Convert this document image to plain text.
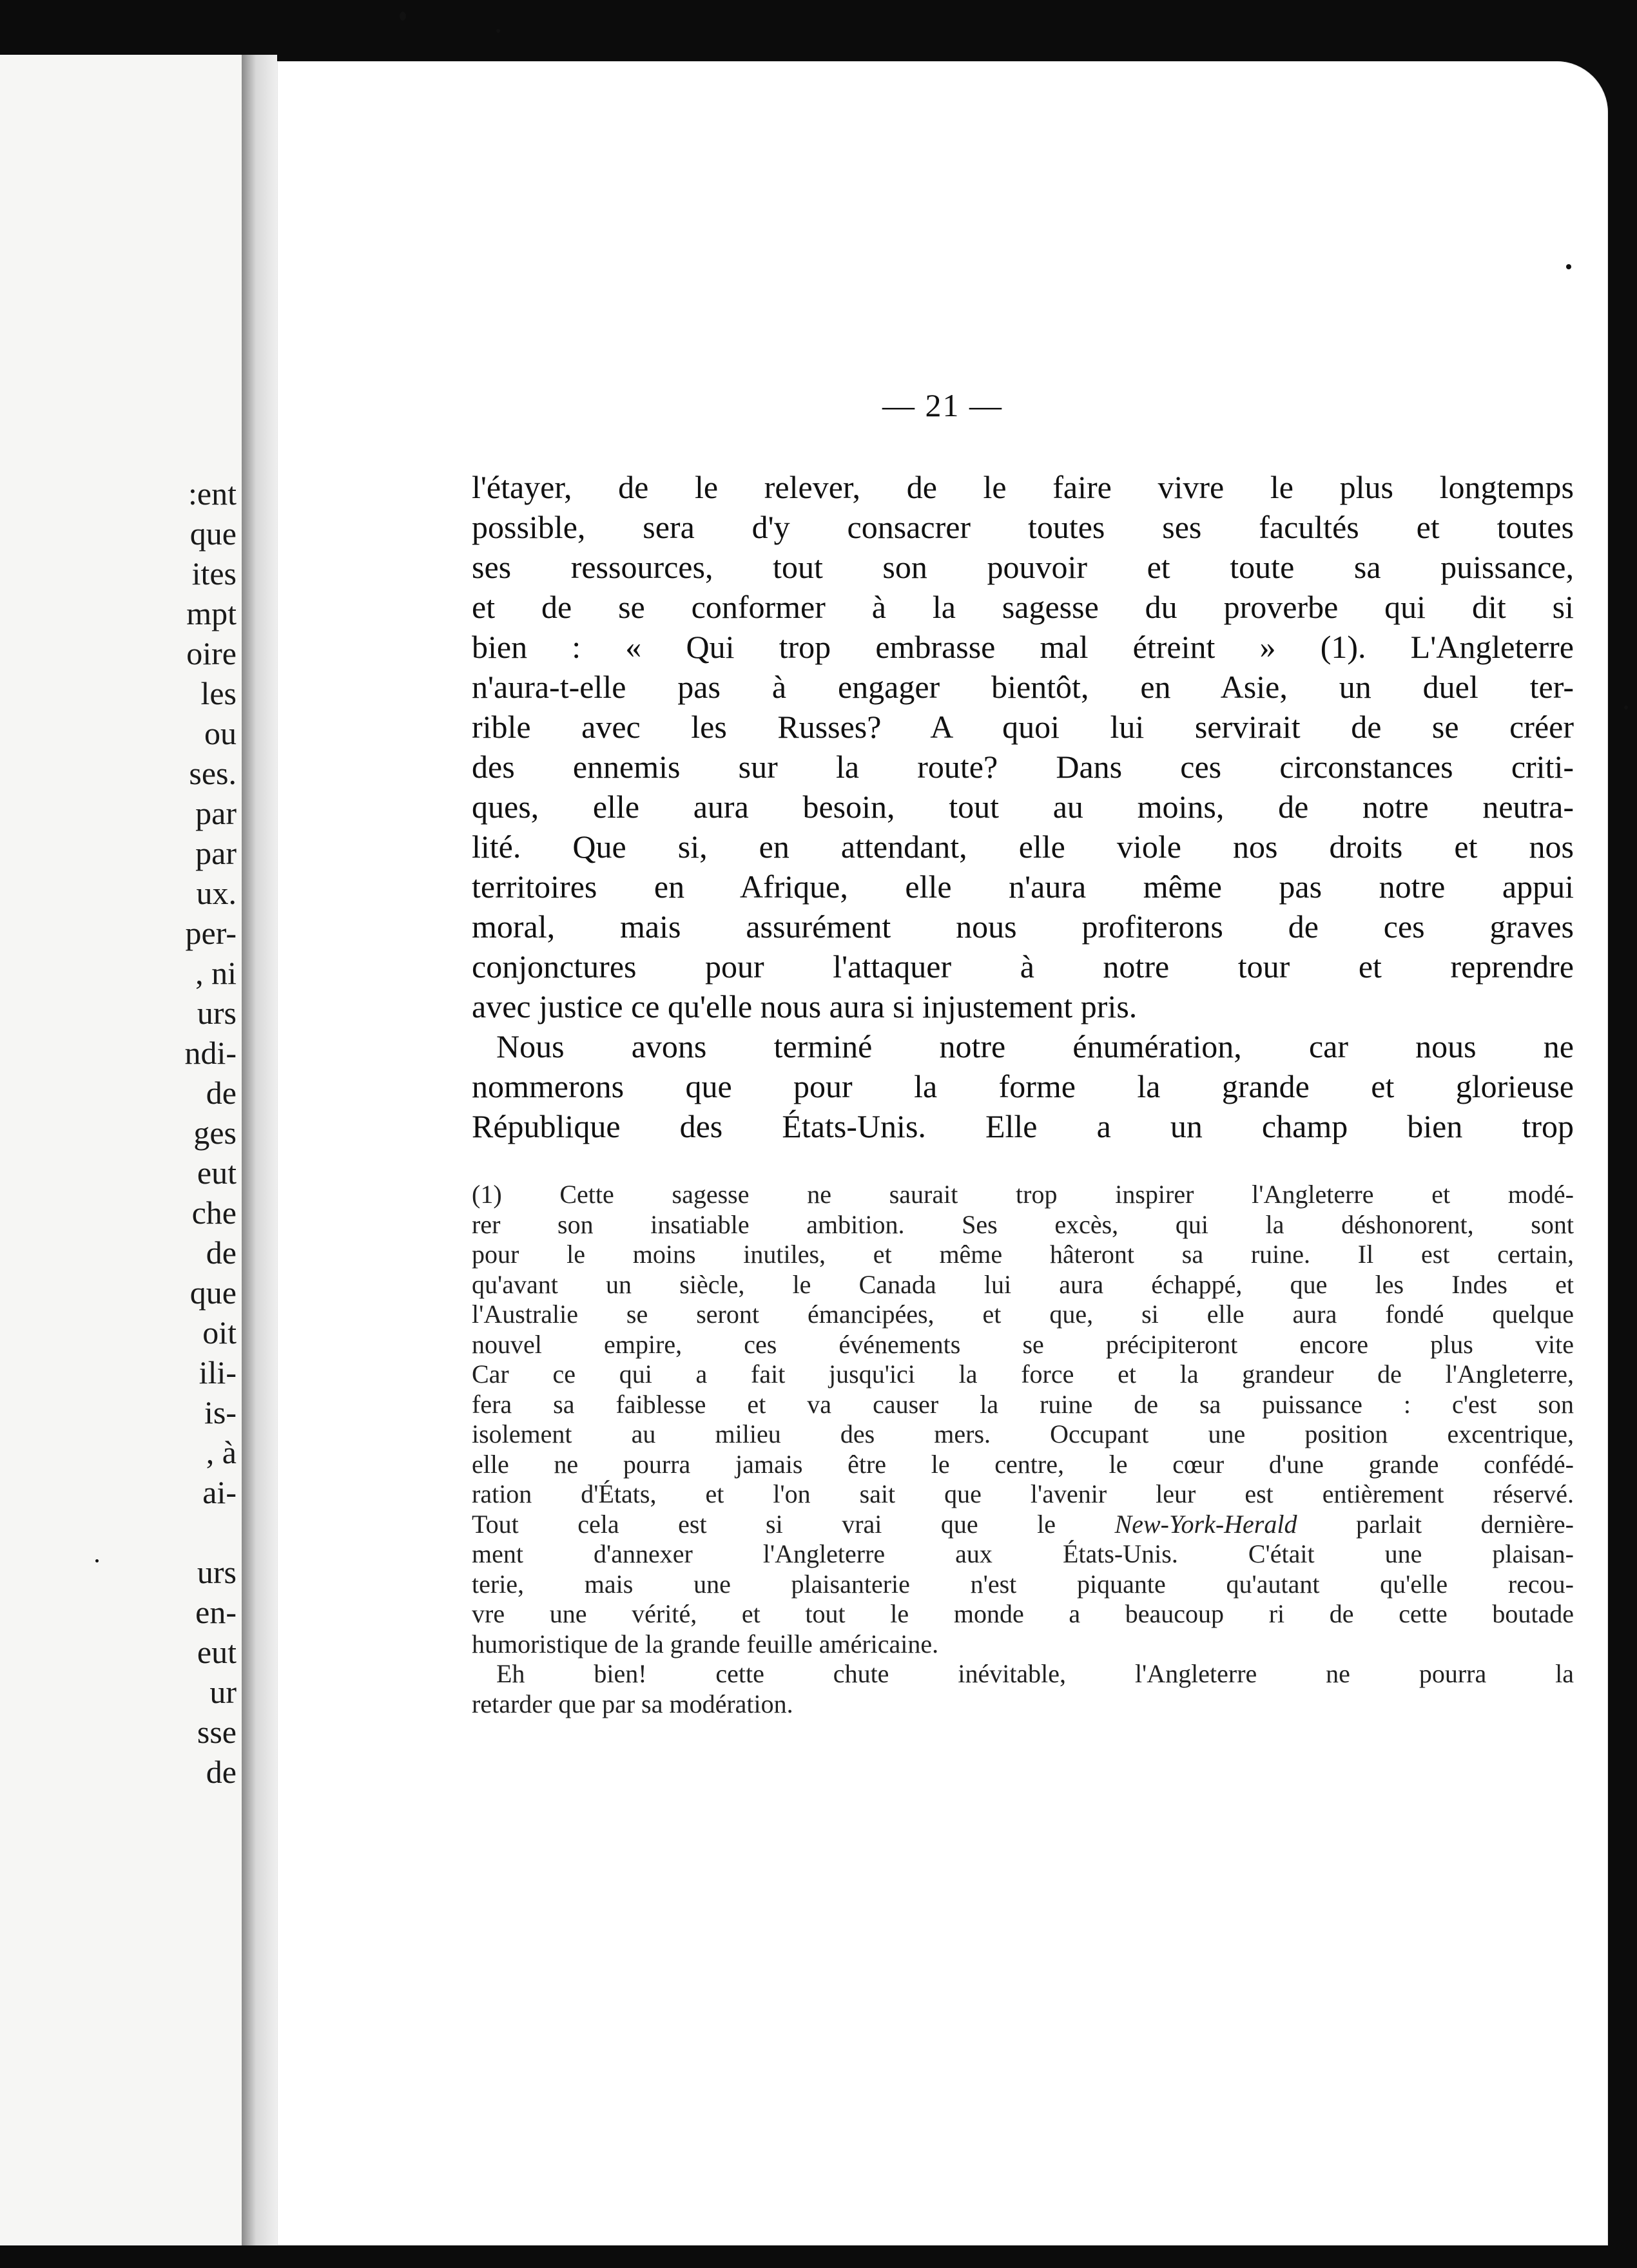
:ent
que
ites
mpt
oire
les
ou
ses.
par
par
ux.
per-
, ni
urs
ndi-
de
ges
eut
che
de
que
oit
ili-
is-
, à
ai-
urs
en-
eut
ur
sse
de
— 21 —
l'étayer, de le relever, de le faire vivre le plus longtemps
possible, sera d'y consacrer toutes ses facultés et toutes
ses ressources, tout son pouvoir et toute sa puissance,
et de se conformer à la sagesse du proverbe qui dit si
bien : « Qui trop embrasse mal étreint » (1). L'Angleterre
n'aura-t-elle pas à engager bientôt, en Asie, un duel ter-
rible avec les Russes? A quoi lui servirait de se créer
des ennemis sur la route? Dans ces circonstances criti-
ques, elle aura besoin, tout au moins, de notre neutra-
lité. Que si, en attendant, elle viole nos droits et nos
territoires en Afrique, elle n'aura même pas notre appui
moral, mais assurément nous profiterons de ces graves
conjonctures pour l'attaquer à notre tour et reprendre
avec justice ce qu'elle nous aura si injustement pris.
Nous avons terminé notre énumération, car nous ne
nommerons que pour la forme la grande et glorieuse
République des États-Unis. Elle a un champ bien trop
(1) Cette sagesse ne saurait trop inspirer l'Angleterre et modé-
rer son insatiable ambition. Ses excès, qui la déshonorent, sont
pour le moins inutiles, et même hâteront sa ruine. Il est certain,
qu'avant un siècle, le Canada lui aura échappé, que les Indes et
l'Australie se seront émancipées, et que, si elle aura fondé quelque
nouvel empire, ces événements se précipiteront encore plus vite
Car ce qui a fait jusqu'ici la force et la grandeur de l'Angleterre,
fera sa faiblesse et va causer la ruine de sa puissance : c'est son
isolement au milieu des mers. Occupant une position excentrique,
elle ne pourra jamais être le centre, le cœur d'une grande confédé-
ration d'États, et l'on sait que l'avenir leur est entièrement réservé.
Tout cela est si vrai que le New-York-Herald parlait dernière-
ment d'annexer l'Angleterre aux États-Unis. C'était une plaisan-
terie, mais une plaisanterie n'est piquante qu'autant qu'elle recou-
vre une vérité, et tout le monde a beaucoup ri de cette boutade
humoristique de la grande feuille américaine.
Eh bien! cette chute inévitable, l'Angleterre ne pourra la
retarder que par sa modération.
